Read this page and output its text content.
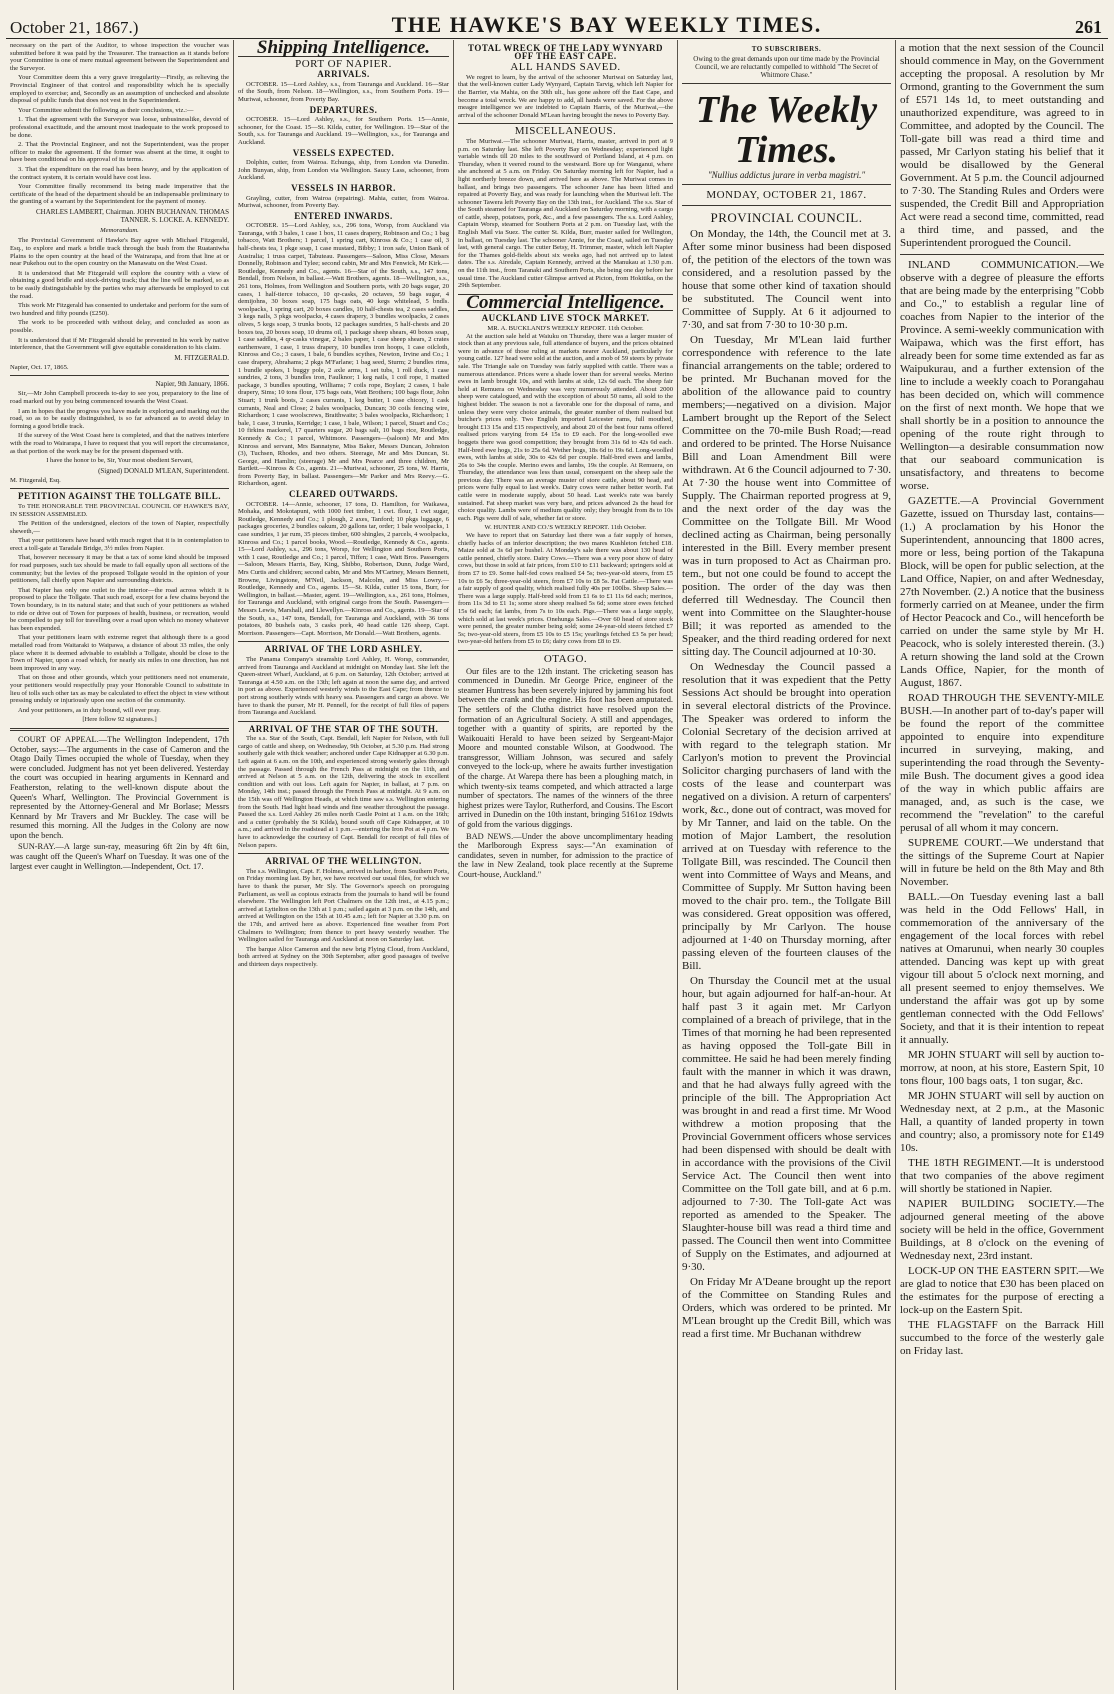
October 21, 1867.)	THE HAWKE'S BAY WEEKLY TIMES.	261

necessary on the part of the Auditor, to whose inspection the voucher was submitted before it was paid by the Treasurer. The transaction as it stands before your Committee is one of mere mutual agreement between the Superintendent and the Surveyor.

Your Committee deem this a very grave irregularity—Firstly, as relieving the Provincial Engineer of that control and responsibility which he is specially employed to exercise; and, Secondly as an assumption of unchecked and absolute disposal of public funds that does not vest in the Superintendent.

Your Committee submit the following as their conclusions, viz.:—

1. That the agreement with the Surveyor was loose, unbusinesslike, devoid of professional exactitude, and the amount most inadequate to the work proposed to be done.

2. That the Provincial Engineer, and not the Superintendent, was the proper officer to make the agreement. If the former was absent at the time, it ought to have been conditional on his approval of its terms.

3. That the expenditure on the road has been heavy, and by the application of the contract system, it is certain would have cost less.

Your Committee finally recommend its being made imperative that the certificate of the head of the department should be an indispensable preliminary to the granting of a warrant by the Superintendent for the payment of money.

CHARLES LAMBERT, Chairman. JOHN BUCHANAN. THOMAS TANNER. S. LOCKE. A. KENNEDY.
Memorandum.

The Provincial Government of Hawke's Bay agree with Michael Fitzgerald, Esq., to explore and mark a bridle track through the bush from the Ruataniwha Plains to the open country at the head of the Wairarapa, and from that line at or near Pukehou out to the open country on the Manawatu on the West Coast.

It is understood that Mr Fitzgerald will explore the country with a view of obtaining a good bridle and stock-driving track; that the line will be marked, so as to be easily distinguishable by the parties who may afterwards be employed to cut the road.

This work Mr Fitzgerald has consented to undertake and perform for the sum of two hundred and fifty pounds (£250).

The work to be proceeded with without delay, and concluded as soon as possible.

It is understood that if Mr Fitzgerald should be prevented in his work by native interference, that the Government will give equitable consideration to his claim.

M. FITZGERALD.
Napier, Oct. 17, 1865.
Napier, 9th January, 1866.

Sir,—Mr John Campbell proceeds to-day to see you, preparatory to the line of road marked out by you being commenced towards the West Coast.

I am in hopes that the progress you have made in exploring and marking out the road, so as to be easily distinguished, is so far advanced as to avoid delay in forming a good bridle track.

If the survey of the West Coast here is completed, and that the natives interfere with the road to Wairarapa, I have to request that you will report the circumstance, as that portion of the work may be for the present dispensed with.

I have the honor to be, Sir, Your most obedient Servant,

(Signed) DONALD M'LEAN, Superintendent.
M. Fitzgerald, Esq.
PETITION AGAINST THE TOLLGATE BILL.

To THE HONORABLE THE PROVINCIAL COUNCIL OF HAWKE'S BAY, IN SESSION ASSEMBLED.

The Petition of the undersigned, electors of the town of Napier, respectfully sheweth,—

That your petitioners have heard with much regret that it is in contemplation to erect a toll-gate at Taradale Bridge, 3½ miles from Napier.

That, however necessary it may be that a tax of some kind should be imposed for road purposes, such tax should be made to fall equally upon all sections of the community; but the levies of the proposed Tollgate would in the opinion of your petitioners, fall chiefly upon Napier and surrounding districts.

That Napier has only one outlet to the interior—the road across which it is proposed to place the Tollgate. That such road, except for a few chains beyond the Town boundary, is in its natural state; and that such of your petitioners as wished to ride or drive out of Town for purposes of health, business, or recreation, would be compelled to pay toll for travelling over a road upon which no money whatever has been expended.

That your petitioners learn with extreme regret that although there is a good metalled road from Waitaraki to Waipawa, a distance of about 33 miles, the only place where it is deemed advisable to establish a Tollgate, should be close to the Town of Napier, upon a road which, for nearly six miles in one direction, has not been improved in any way.

That on those and other grounds, which your petitioners need not enumerate, your petitioners would respectfully pray your Honorable Council to substitute in lieu of tolls such other tax as may be calculated to effect the object in view without pressing unduly or injuriously upon one section of the community.

And your petitioners, as in duty bound, will ever pray.

[Here follow 92 signatures.]

COURT OF APPEAL.—The Wellington Independent, 17th October, says:—The arguments in the case of Cameron and the Otago Daily Times occupied the whole of Tuesday, when they were concluded. Judgment has not yet been delivered. Yesterday the court was occupied in hearing arguments in Kennard and Featherston, relating to the well-known dispute about the Queen's Wharf, Wellington. The Provincial Government is represented by the Attorney-General and Mr Borlase; Messrs Kennard by Mr Travers and Mr Buckley. The case will be resumed this morning. All the Judges in the Colony are now upon the bench.

SUN-RAY.—A large sun-ray, measuring 6ft 2in by 4ft 6in, was caught off the Queen's Wharf on Tuesday. It was one of the largest ever caught in Wellington.—Independent, Oct. 17.

Shipping Intelligence.
PORT OF NAPIER.
ARRIVALS.

OCTOBER. 15—Lord Ashley, s.s., from Tauranga and Auckland. 16—Star of the South, from Nelson. 18—Wellington, s.s., from Southern Ports. 19—Muriwai, schooner, from Poverty Bay.

DEPARTURES.

OCTOBER. 15—Lord Ashley, s.s., for Southern Ports. 15—Annie, schooner, for the Coast. 15—St. Kilda, cutter, for Wellington. 19—Star of the South, s.s. for Tauranga and Auckland. 19—Wellington, s.s., for Tauranga and Auckland.

VESSELS EXPECTED.

Dolphin, cutter, from Wairoa. Echunga, ship, from London via Dunedin. John Bunyan, ship, from London via Wellington. Saucy Lass, schooner, from Auckland.

VESSELS IN HARBOR.

Grayling, cutter, from Wairoa (repairing). Mahia, cutter, from Wairoa. Muriwai, schooner, from Poverty Bay.

ENTERED INWARDS.

OCTOBER. 15—Lord Ashley, s.s., 296 tons, Worsp, from Auckland via Tauranga, with 3 bales, 1 case 1 box, 11 cases drapery, Robinson and Co.; 1 bag tobacco, Watt Brothers; 1 parcel, 1 spring cart, Kinross & Co.; 1 case oil, 3 half-chests tea, 1 pkge soap, 1 case mustard, Bibby; 1 iron safe, Union Bank of Australia; 1 truss carpet, Tabuteau. Passengers—Saloon, Miss Close, Messrs Donnelly, Robinson and Tylee; second cabin, Mr and Mrs Fenwick, Mr Kirk.—Routledge, Kennedy and Co., agents. 16—Star of the South, s.s., 147 tons, Bendall, from Nelson, in ballast.—Watt Brothers, agents. 18—Wellington, s.s., 261 tons, Holmes, from Wellington and Southern ports, with 20 bags sugar, 20 cases, 1 half-tierce tobacco, 10 qr-casks, 20 octaves, 59 bags sugar, 4 demijohns, 30 boxes soap, 175 bags oats, 40 kegs whitelead, 5 bndls. woolpacks, 1 spring cart, 20 boxes candles, 10 half-chests tea, 2 cases saddles, 3 kegs nails, 3 pkgs woolpacks, 4 cases drapery, 3 bundles woolpacks, 2 cases olives, 5 kegs soap, 3 trunks boots, 12 packages sundries, 5 half-chests and 20 boxes tea, 20 boxes soap, 10 drums oil, 1 package sheep shears, 40 boxes soap, 1 case saddles, 4 qr-casks vinegar, 2 bales paper, 1 case sheep shears, 2 crates earthenware, 1 case, 1 truss drapery, 10 bundles iron hoops, 1 case oilcloth, Kinross and Co.; 3 cases, 1 bale, 6 bundles scythes, Newton, Irvine and Co.; 1 case drapery, Abrahams; 2 pkgs M'Farlane; 1 bag seed, Sturm; 2 bundles rims, 1 bundle spokes, 1 buggy pole, 2 axle arms, 1 set tubs, 1 roll duck, 1 case sundries, 2 tons, 3 bundles iron, Faulknor; 1 keg nails, 1 coil rope, 1 matted package, 3 bundles spouting, Williams; 7 coils rope, Boylan; 2 cases, 1 bale drapery, Sims; 10 tons flour, 175 bags oats, Watt Brothers; 100 bags flour, John Stuart; 1 trunk boots, 2 cases currants, 1 keg butter, 1 case chicory, 1 cask currants, Neal and Close; 2 bales woolpacks, Duncan; 30 coils fencing wire, Richardson; 1 case woolscrews, Braithwaite; 3 bales woolpacks, Richardson; 1 bale, 1 case, 3 trunks, Kerridge; 1 case, 1 bale, Wilson; 1 parcel, Stuart and Co.; 10 firkins mackerel, 17 quarters sugar, 20 bags salt, 10 bags rice, Routledge, Kennedy & Co.; 1 parcel, Whitmore. Passengers—(saloon) Mr and Mrs Kinross and servant, Mrs Bannatyne, Miss Baker, Messrs Duncan, Johnston (3), Tuchsen, Rhodes, and two others. Steerage, Mr and Mrs Duncan, St. George, and Hamlin; (steerage) Mr and Mrs Pearce and three children, Mr Bartlett.—Kinross & Co., agents. 21—Muriwai, schooner, 25 tons, W. Harris, from Poverty Bay, in ballast. Passengers—Mr Parker and Mrs Reevy.—G. Richardson, agent.

CLEARED OUTWARDS.

OCTOBER. 14—Annie, schooner, 17 tons, D. Hamilton, for Waikawa, Mohaka, and Mokotapuni, with 1000 feet timber, 1 cwt. flour, 1 cwt sugar, Routledge, Kennedy and Co.; 1 plough, 2 axes, Tanford; 10 pkgs luggage, 6 packages groceries, 2 bundles oakum, 20 gallons tar, order; 1 bale woolpacks, 1 case sundries, 1 jar rum, 35 pieces timber, 600 shingles, 2 parcels, 4 woolpacks, Kinross and Co.; 1 parcel books, Wood.—Routledge, Kennedy & Co., agents. 15—Lord Ashley, s.s., 296 tons, Worsp, for Wellington and Southern Ports, with 1 case, Routledge and Co.; 1 parcel, Tiffen; 1 case, Watt Bros. Passengers—Saloon, Messrs Harris, Bay, King, Shibbo, Robertson, Dunn, Judge Ward, Mrs Curtis and children; second cabin, Mr and Mrs M'Cartney, Messrs Bennett, Browne, Livingstone, M'Neil, Jackson, Malcolm, and Miss Lowry.—Routledge, Kennedy and Co., agents. 15—St. Kilda, cutter 15 tons, Burr, for Wellington, in ballast.—Master, agent. 19—Wellington, s.s., 261 tons, Holmes, for Tauranga and Auckland, with original cargo from the South. Passengers—Messrs Lewis, Marshall, and Llewellyn.—Kinross and Co., agents. 19—Star of the South, s.s., 147 tons, Bendall, for Tauranga and Auckland, with 36 tons potatoes, 80 bushels oats, 3 casks pork, 40 head cattle 126 sheep, Capt. Morrison. Passengers—Capt. Morrison, Mr Donald.—Watt Brothers, agents.

ARRIVAL OF THE LORD ASHLEY.

The Panama Company's steamship Lord Ashley, H. Worsp, commander, arrived from Tauranga and Auckland at midnight on Monday last. She left the Queen-street Wharf, Auckland, at 6 p.m. on Saturday, 12th October; arrived at Tauranga at 4.50 a.m. on the 13th; left again at noon the same day, and arrived in port as above. Experienced westerly winds to the East Cape; from thence to port strong southerly winds with heavy sea. Passengers and cargo as above. We have to thank the purser, Mr H. Pennell, for the receipt of full files of papers from Tauranga and Auckland.

ARRIVAL OF THE STAR OF THE SOUTH.

The s.s. Star of the South, Capt. Bendall, left Napier for Nelson, with full cargo of cattle and sheep, on Wednesday, 9th October, at 5.30 p.m. Had strong southerly gale with thick weather; anchored under Cape Kidnapper at 6.30 p.m. Left again at 6 a.m. on the 10th, and experienced strong westerly gales through the passage. Passed through the French Pass at midnight on the 11th, and arrived at Nelson at 5 a.m. on the 12th, delivering the stock in excellent condition and with out loss. Left again for Napier, in ballast, at 7 p.m. on Monday, 14th inst.; passed through the French Pass at midnight. At 9 a.m. on the 15th was off Wellington Heads, at which time saw s.s. Wellington entering from the South. Had light head winds and fine weather throughout the passage. Passed the s.s. Lord Ashley 26 miles north Castle Point at 1 a.m. on the 16th; and a cutter (probably the St Kilda), bound south off Cape Kidnapper, at 10 a.m.; and arrived in the roadstead at 1 p.m.—entering the Iron Pot at 4 p.m. We have to acknowledge the courtesy of Capt. Bendall for receipt of full files of Nelson papers.

ARRIVAL OF THE WELLINGTON.

The s.s. Wellington, Capt. F. Holmes, arrived in harbor, from Southern Ports, on Friday morning last. By her, we have received our usual files, for which we have to thank the purser, Mr Sly. The Governor's speech on proroguing Parliament, as well as copious extracts from the journals to hand will be found elsewhere. The Wellington left Port Chalmers on the 12th inst., at 4.15 p.m.; arrived at Lyttelton on the 13th at 1 p.m.; sailed again at 3 p.m. on the 14th, and arrived at Wellington on the 15th at 10.45 a.m.; left for Napier at 3.30 p.m. on the 17th, and arrived here as above. Experienced fine weather from Port Chalmers to Wellington; from thence to port heavy westerly weather. The Wellington sailed for Tauranga and Auckland at noon on Saturday last.

The barque Alice Cameron and the new brig Flying Cloud, from Auckland, both arrived at Sydney on the 30th September, after good passages of twelve and thirteen days respectively.

TOTAL WRECK OF THE LADY WYNYARD OFF THE EAST CAPE.
ALL HANDS SAVED.

We regret to learn, by the arrival of the schooner Muriwai on Saturday last, that the well-known cutter Lady Wynyard, Captain Tarvig, which left Napier for the Barrier, via Mahia, on the 30th ult., has gone ashore off the East Cape, and become a total wreck. We are happy to add, all hands were saved. For the above meagre intelligence we are indebted to Captain Harris, of the Muriwai,—the arrival of the schooner Donald M'Lean having brought the news to Poverty Bay.

MISCELLANEOUS.

The Muriwai.—The schooner Muriwai, Harris, master, arrived in port at 9 p.m. on Saturday last. She left Poverty Bay on Wednesday; experienced light variable winds till 20 miles to the southward of Portland Island, at 4 p.m. on Thursday, when it veered round to the westward. Bore up for Wanganui, where she anchored at 5 a.m. on Friday. On Saturday morning left for Napier, had a light northerly breeze down, and arrived here as above. The Muriwai comes in ballast, and brings two passengers. The schooner Jane has been lifted and repaired at Poverty Bay, and was ready for launching when the Muriwai left. The schooner Tawera left Poverty Bay on the 13th inst., for Auckland. The s.s. Star of the South steamed for Tauranga and Auckland on Saturday morning, with a cargo of cattle, sheep, potatoes, pork, &c., and a few passengers. The s.s. Lord Ashley, Captain Worsp, steamed for Southern Ports at 2 p.m. on Tuesday last, with the English Mail via Suez. The cutter St. Kilda, Burr, master sailed for Wellington, in ballast, on Tuesday last. The schooner Annie, for the Coast, sailed on Tuesday last, with general cargo. The cutter Betsy, H. Trimmer, master, which left Napier for the Thames gold-fields about six weeks ago, had not arrived up to latest dates. The s.s. Airedale, Captain Kennedy, arrived at the Manukau at 1.30 p.m. on the 11th inst., from Taranaki and Southern Ports, she being one day before her usual time. The Auckland cutter Glimpse arrived at Picton, from Hokitika, on the 29th September.

Commercial Intelligence.
AUCKLAND LIVE STOCK MARKET.
MR. A. BUCKLAND'S WEEKLY REPORT. 11th October.

At the auction sale held at Waiuku on Thursday, there was a larger muster of stock than at any previous sale, full attendance of buyers, and the prices obtained were in advance of those ruling at markets nearer Auckland, particularly for young cattle. 127 head were sold at the auction, and a mob of 59 steers by private sale. The Triangle sale on Tuesday was fairly supplied with cattle. There was a numerous attendance. Prices were a shade lower than for several weeks. Merino ewes in lamb brought 10s, and with lambs at side, 12s 6d each. The sheep fair held at Remuera on Wednesday was very numerously attended. About 2000 sheep were catalogued, and with the exception of about 50 rams, all sold to the highest bidder. The season is not a favorable one for the disposal of rams, and unless they were very choice animals, the greater number of them realised but butcher's prices only. Two English imported Leicester rams, full mouthed, brought £13 15s and £15 respectively, and about 20 of the best four rams offered realised prices varying from £4 15s to £9 each. For the long-woolled ewe hoggets there was good competition; they brought from 31s 6d to 42s 6d each. Half-bred ewe hogs, 21s to 25s 6d. Wether hogs, 18s 6d to 19s 6d. Long-woolled ewes, with lambs at side, 30s to 42s 6d per couple. Half-bred ewes and lambs, 26s to 34s the couple. Merino ewes and lambs, 19s the couple. At Remuera, on Thursday, the attendance was less than usual, consequent on the sheep sale the previous day. There was an average muster of store cattle, about 90 head, and prices were fully equal to last week's. Dairy cows were rather better worth. Fat cattle were in moderate supply, about 50 head. Last week's rate was barely sustained. Fat sheep market was very bare, and prices advanced 2s the head for choice quality. Lambs were of medium quality only; they brought from 8s to 10s each. Pigs were dull of sale, whether fat or store.

W. HUNTER AND CO.'S WEEKLY REPORT. 11th October.

We have to report that on Saturday last there was a fair supply of horses, chiefly hacks of an inferior description; the two mares Kushleton fetched £18. Maize sold at 3s 6d per bushel. At Monday's sale there was about 130 head of cattle penned, chiefly store. Dairy Cows.—There was a very poor show of dairy cows, but those in sold at fair prices, from £10 to £11 backward; springers sold at from £7 to £9. Some half-fed cows realised £4 5s; two-year-old steers, from £5 10s to £6 5s; three-year-old steers, from £7 10s to £8 5s. Fat Cattle.—There was a fair supply of good quality, which realised fully 40s per 100lbs. Sheep Sales.—There was a large supply. Half-bred sold from £1 6s to £1 11s 6d each; merinos, from 11s 3d to £1 1s; some store sheep realised 5s 6d; some store ewes fetched 15s 6d each; fat lambs, from 7s to 10s each. Pigs.—There was a large supply, which sold at last week's prices. Onehunga Sales.—Over 60 head of store stock were penned, the greater number being sold; some 24-year-old steers fetched £7 5s; two-year-old steers, from £5 10s to £5 15s; yearlings fetched £3 5s per head; two-year-old heifers from £5 to £6; dairy cows from £8 to £9.

OTAGO.

Our files are to the 12th instant. The cricketing season has commenced in Dunedin. Mr George Price, engineer of the steamer Huntress has been severely injured by jamming his foot between the crank and the engine. His foot has been amputated. The settlers of the Clutha district have resolved upon the formation of an Agricultural Society. A still and appendages, together with a quantity of spirits, are reported by the Waikouaiti Herald to have been seized by Sergeant-Major Moore and mounted constable Wilson, at Goodwood. The transgressor, William Johnson, was secured and safely conveyed to the lock-up, where he awaits further investigation of the charge. At Warepa there has been a ploughing match, in which twenty-six teams competed, and which attracted a large number of spectators. The names of the winners of the three highest prizes were Taylor, Rutherford, and Cousins. The Escort arrived in Dunedin on the 10th instant, bringing 5161oz 19dwts of gold from the various diggings.

BAD NEWS.—Under the above uncomplimentary heading the Marlborough Express says:—"An examination of candidates, seven in number, for admission to the practice of the law in New Zealand, took place recently at the Supreme Court-house, Auckland."

TO SUBSCRIBERS.
Owing to the great demands upon our time made by the Provincial Council, we are reluctantly compelled to withhold "The Secret of Whitmore Chase."
The Weekly Times.
"Nullius addictus jurare in verba magistri."
MONDAY, OCTOBER 21, 1867.
PROVINCIAL COUNCIL.

On Monday, the 14th, the Council met at 3. After some minor business had been disposed of, the petition of the electors of the town was considered, and a resolution passed by the house that some other kind of taxation should be substituted. The Council went into Committee of Supply. At 6 it adjourned to 7·30, and sat from 7·30 to 10·30 p.m.

On Tuesday, Mr M'Lean laid further correspondence with reference to the late financial arrangements on the table; ordered to be printed. Mr Buchanan moved for the abolition of the allowance paid to country members;—negatived on a division. Major Lambert brought up the Report of the Select Committee on the 70-mile Bush Road;—read and ordered to be printed. The Horse Nuisance Bill and Loan Amendment Bill were withdrawn. At 6 the Council adjourned to 7·30. At 7·30 the house went into Committee of Supply. The Chairman reported progress at 9, and the next order of the day was the Committee on the Tollgate Bill. Mr Wood declined acting as Chairman, being personally interested in the Bill. Every member present was in turn proposed to Act as Chairman pro. tem., but not one could be found to accept the position. The order of the day was then deferred till Wednesday. The Council then went into Committee on the Slaughter-house Bill; it was reported as amended to the Speaker, and the third reading ordered for next sitting day. The Council adjourned at 10·30.

On Wednesday the Council passed a resolution that it was expedient that the Petty Sessions Act should be brought into operation in several electoral districts of the Province. The Speaker was ordered to inform the Colonial Secretary of the decision arrived at with regard to the telegraph station. Mr Carlyon's motion to prevent the Provincial Solicitor charging purchasers of land with the costs of the lease and counterpart was negatived on a division. A return of carpenters' work, &c., done out of contract, was moved for by Mr Tanner, and laid on the table. On the motion of Major Lambert, the resolution arrived at on Tuesday with reference to the Tollgate Bill, was rescinded. The Council then went into Committee of Ways and Means, and Committee of Supply. Mr Sutton having been moved to the chair pro. tem., the Tollgate Bill was considered. Great opposition was offered, principally by Mr Carlyon. The house adjourned at 1·40 on Thursday morning, after passing eleven of the fourteen clauses of the Bill.

On Thursday the Council met at the usual hour, but again adjourned for half-an-hour. At half past 3 it again met. Mr Carlyon complained of a breach of privilege, that in the Times of that morning he had been represented as having opposed the Toll-gate Bill in committee. He said he had been merely finding fault with the manner in which it was drawn, and that he had always fully agreed with the principle of the bill. The Appropriation Act was brought in and read a first time. Mr Wood withdrew a motion proposing that the Provincial Government officers whose services had been dispensed with should be dealt with in accordance with the provisions of the Civil Service Act. The Council then went into Committee on the Toll gate bill, and at 6 p.m. adjourned to 7·30. The Toll-gate Act was reported as amended to the Speaker. The Slaughter-house bill was read a third time and passed. The Council then went into Committee of Supply on the Estimates, and adjourned at 9·30.

On Friday Mr A'Deane brought up the report of the Committee on Standing Rules and Orders, which was ordered to be printed. Mr M'Lean brought up the Credit Bill, which was read a first time. Mr Buchanan withdrew

a motion that the next session of the Council should commence in May, on the Government accepting the proposal. A resolution by Mr Ormond, granting to the Government the sum of £571 14s 1d, to meet outstanding and unauthorized expenditure, was agreed to in Committee, and adopted by the Council. The Toll-gate bill was read a third time and passed, Mr Carlyon stating his belief that it would be disallowed by the General Government. At 5 p.m. the Council adjourned to 7·30. The Standing Rules and Orders were suspended, the Credit Bill and Appropriation Act were read a second time, committed, read a third time, and passed, and the Superintendent prorogued the Council.

INLAND COMMUNICATION.—We observe with a degree of pleasure the efforts that are being made by the enterprising "Cobb and Co.," to establish a regular line of coaches from Napier to the interior of the Province. A semi-weekly communication with Waipawa, which was the first effort, has already been for some time extended as far as Waipukurau, and a further extension of the line to include a weekly coach to Porangahau has been decided on, which will commence on the first of next month. We hope that we shall shortly be in a position to announce the opening of the route right through to Wellington—a desirable consummation now that our seaboard communication is unsatisfactory, and threatens to become worse.

GAZETTE.—A Provincial Government Gazette, issued on Thursday last, contains—(1.) A proclamation by his Honor the Superintendent, announcing that 1800 acres, more or less, being portion of the Takapuna Block, will be open for public selection, at the Land Office, Napier, on and after Wednesday, 27th November. (2.) A notice that the business formerly carried on at Meanee, under the firm of Hector Peacock and Co., will henceforth be carried on under the same style by Mr H. Peacock, who is solely interested therein. (3.) A return showing the land sold at the Crown Lands Office, Napier, for the month of August, 1867.

ROAD THROUGH THE SEVENTY-MILE BUSH.—In another part of to-day's paper will be found the report of the committee appointed to enquire into expenditure incurred in surveying, making, and superintending the road through the Seventy-mile Bush. The document gives a good idea of the way in which public affairs are managed, and, as such is the case, we recommend the "revelation" to the careful perusal of all whom it may concern.

SUPREME COURT.—We understand that the sittings of the Supreme Court at Napier will in future be held on the 8th May and 8th November.

BALL.—On Tuesday evening last a ball was held in the Odd Fellows' Hall, in commemoration of the anniversary of the engagement of the local forces with rebel natives at Omarunui, when nearly 30 couples attended. Dancing was kept up with great vigour till about 5 o'clock next morning, and all present seemed to enjoy themselves. We understand the affair was got up by some gentleman connected with the Odd Fellows' Society, and that it is their intention to repeat it annually.

MR JOHN STUART will sell by auction to-morrow, at noon, at his store, Eastern Spit, 10 tons flour, 100 bags oats, 1 ton sugar, &c.

MR JOHN STUART will sell by auction on Wednesday next, at 2 p.m., at the Masonic Hall, a quantity of landed property in town and country; also, a promissory note for £149 10s.

THE 18TH REGIMENT.—It is understood that two companies of the above regiment will shortly be stationed in Napier.

NAPIER BUILDING SOCIETY.—The adjourned general meeting of the above society will be held in the office, Government Buildings, at 8 o'clock on the evening of Wednesday next, 23rd instant.

LOCK-UP ON THE EASTERN SPIT.—We are glad to notice that £30 has been placed on the estimates for the purpose of erecting a lock-up on the Eastern Spit.

THE FLAGSTAFF on the Barrack Hill succumbed to the force of the westerly gale on Friday last.
